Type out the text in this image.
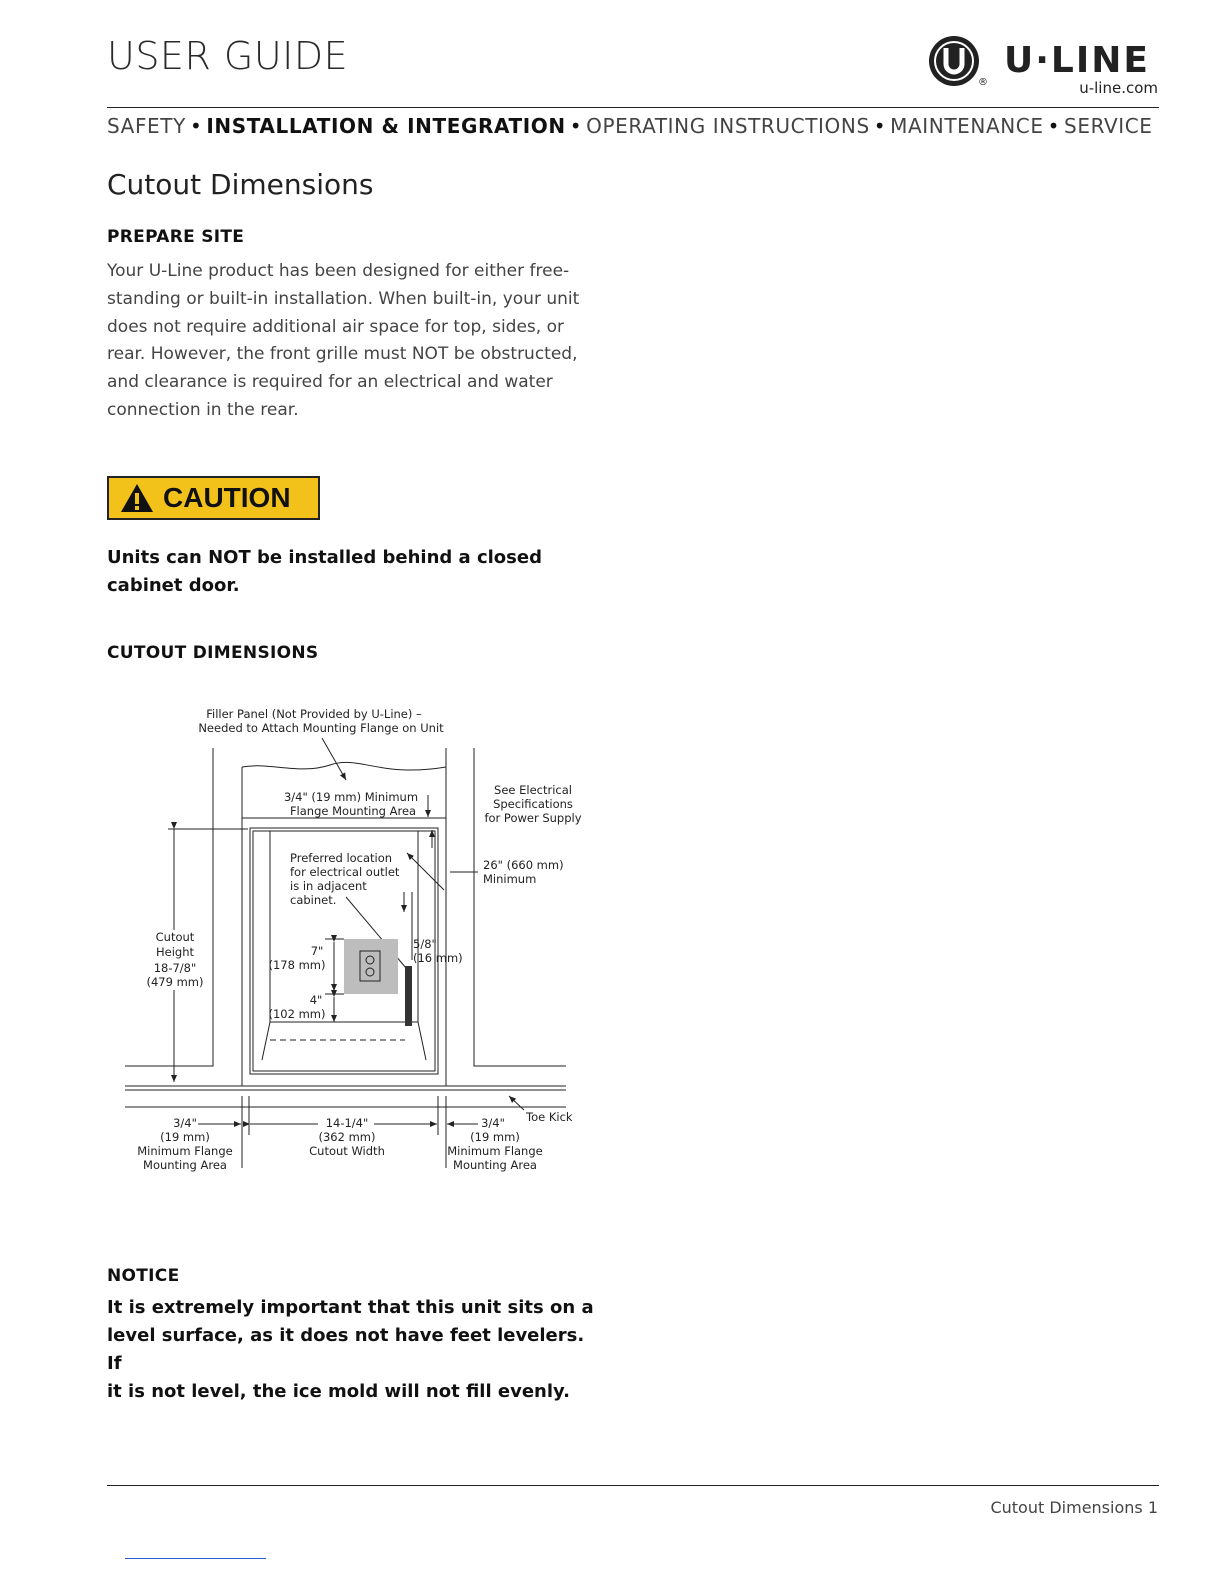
USER GUIDE
®
U·LINE
u-line.com
SAFETY • INSTALLATION & INTEGRATION • OPERATING INSTRUCTIONS • MAINTENANCE • SERVICE
Cutout Dimensions
PREPARE SITE
Your U-Line product has been designed for either free-
standing or built-in installation. When built-in, your unit
does not require additional air space for top, sides, or
rear. However, the front grille must NOT be obstructed,
and clearance is required for an electrical and water
connection in the rear.
CAUTION
Units can NOT be installed behind a closed
cabinet door.
CUTOUT DIMENSIONS
Filler Panel (Not Provided by U-Line) –
Needed to Attach Mounting Flange on Unit
3/4" (19 mm) Minimum
Flange Mounting Area
See Electrical
Specifications
for Power Supply
26" (660 mm)
Minimum
Preferred location
for electrical outlet
is in adjacent
cabinet.
Cutout
Height
18-7/8"
(479 mm)
7"
(178 mm)
4"
(102 mm)
5/8"
(16 mm)
Toe Kick
3/4"
(19 mm)
Minimum Flange
Mounting Area
14-1/4"
(362 mm)
Cutout Width
3/4"
(19 mm)
Minimum Flange
Mounting Area
NOTICE
It is extremely important that this unit sits on a
level surface, as it does not have feet levelers. If
it is not level, the ice mold will not fill evenly.
Cutout Dimensions 1
